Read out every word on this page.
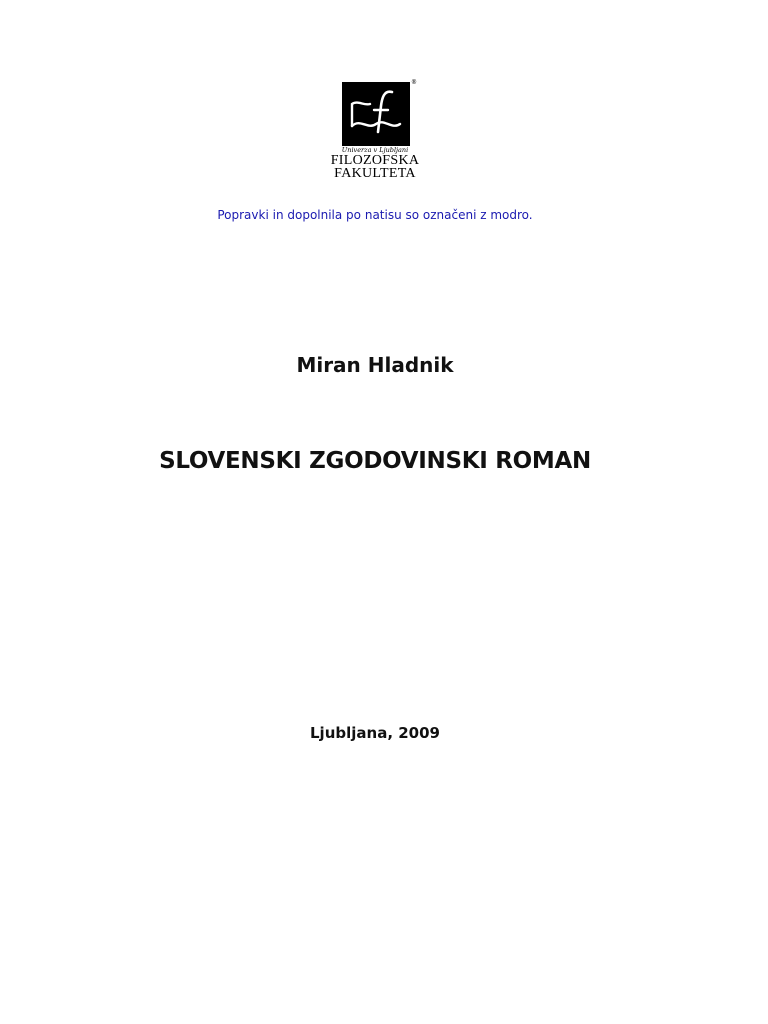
®
Univerza v Ljubljani
FILOZOFSKA
FAKULTETA
Popravki in dopolnila po natisu so označeni z modro.
Miran Hladnik
SLOVENSKI ZGODOVINSKI ROMAN
Ljubljana, 2009
